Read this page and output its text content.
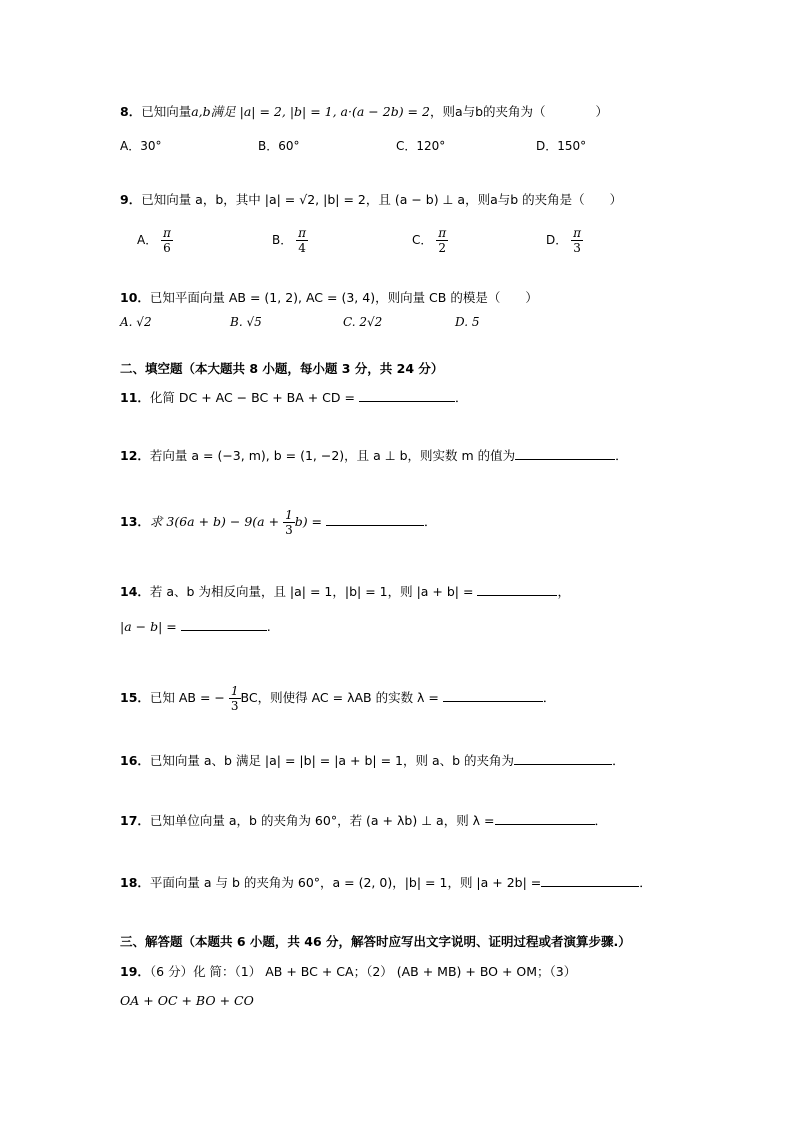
8．已知向量a,b满足 |a| = 2, |b| = 1, a·(a − 2b) = 2，则a与b的夹角为（　　　　）
A．30°	B．60°	C．120°	D．150°
9．已知向量 a，b，其中 |a| = √2, |b| = 2，且 (a − b) ⊥ a，则a与b 的夹角是（　　）
A． $\frac{\pi}{6}$	B． $\frac{\pi}{4}$	C． $\frac{\pi}{2}$	D． $\frac{\pi}{3}$
10．已知平面向量 AB = (1, 2), AC = (3, 4)，则向量 CB 的模是（　　）
A. √2	B. √5	C. 2√2	D. 5
二、填空题（本大题共 8 小题，每小题 3 分，共 24 分）
11．化简 DC + AC − BC + BA + CD =	．
12．若向量 a = (−3, m), b = (1, −2)，且 a ⊥ b，则实数 m 的值为	．
13．求 $3(6a + b) - 9(a + \frac{1}{3} b)$ =	．
14．若 a、b 为相反向量，且 |a| = 1，|b| = 1，则 |a + b| =	，
|a − b| =	.
15．已知 AB = − $\frac{1}{3}$ BC，则使得 AC = λAB 的实数 λ =	．
16．已知向量 a、b 满足 |a| = |b| = |a + b| = 1，则 a、b 的夹角为	．
17．已知单位向量 a，b 的夹角为 60°，若 (a + λb) ⊥ a，则 λ =	．
18．平面向量 a 与 b 的夹角为 60°，a = (2, 0)，|b| = 1，则 |a + 2b| =	．
三、解答题（本题共 6 小题，共 46 分，解答时应写出文字说明、证明过程或者演算步骤.）
19．（6 分）化 简：（1） AB + BC + CA；（2） (AB + MB) + BO + OM；（3）
OA + OC + BO + CO
